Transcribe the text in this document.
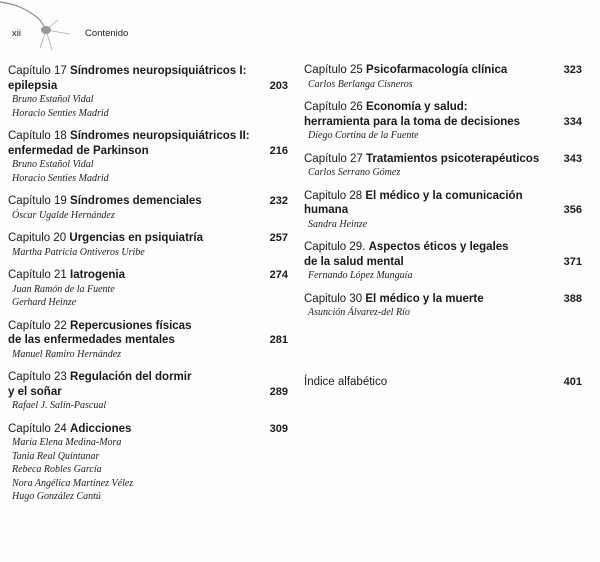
xii	Contenido
Capítulo 17 Síndromes neuropsiquiátricos I:
epilepsia	203
Bruno Estañol Vidal
Horacio Senties Madrid
Capítulo 18 Síndromes neuropsiquiátricos II:
enfermedad de Parkinson	216
Bruno Estañol Vidal
Horacio Senties Madrid
Capítulo 19 Síndromes demenciales	232
Óscar Ugalde Hernández
Capitulo 20 Urgencias en psiquiatría	257
Martha Patricia Ontiveros Uribe
Capítulo 21 Iatrogenia	274
Juan Ramón de la Fuente
Gerhard Heinze
Capítulo 22 Repercusiones físicas
de las enfermedades mentales	281
Manuel Ramiro Hernández
Capítulo 23 Regulación del dormir
y el soñar	289
Rafael J. Salín-Pascual
Capítulo 24 Adicciones	309
María Elena Medina-Mora
Tania Real Quintanar
Rebeca Robles García
Nora Angélica Martínez Vélez
Hugo González Cantú
Capítulo 25 Psicofarmacología clínica	323
Carlos Berlanga Cisneros
Capítulo 26 Economía y salud:
herramienta para la toma de decisiones	334
Diego Cortina de la Fuente
Capítulo 27 Tratamientos psicoterapéuticos	343
Carlos Serrano Gómez
Capitulo 28 El médico y la comunicación
humana	356
Sandra Heinze
Capitulo 29. Aspectos éticos y legales
de la salud mental	371
Fernando López Munguía
Capitulo 30 El médico y la muerte	388
Asunción Álvarez-del Río
Índice alfabético	401
